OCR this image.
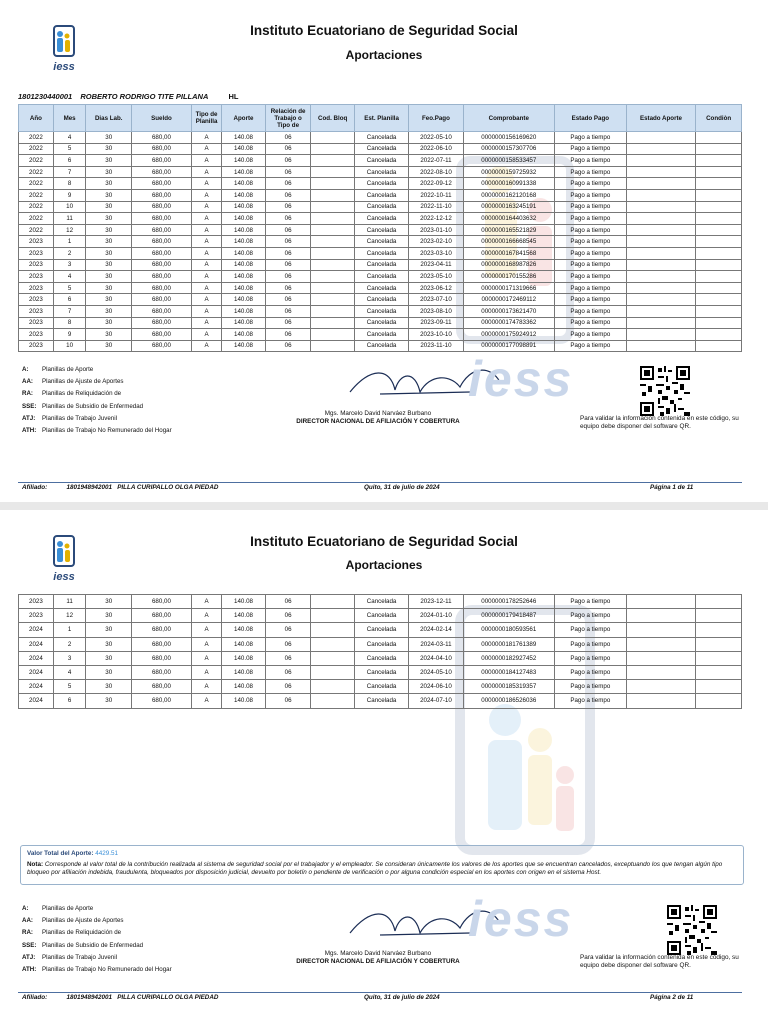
iess
Instituto Ecuatoriano de Seguridad Social
Aportaciones
1801230440001 ROBERTO RODRIGO TITE PILLANA	HL
Año	Mes	Dias Lab.	Sueldo	Tipo de Planilla	Aporte	Relación de Trabajo o Tipo de	Cod. Bloq	Est. Planilla	Feo.Pago	Comprobante	Estado Pago	Estado Aporte	Condiòn
2022	4	30	680,00	A	140.08	06		Cancelada	2022-05-10	0000000156169620	Pago a tiempo		
2022	5	30	680,00	A	140.08	06		Cancelada	2022-06-10	0000000157307706	Pago a tiempo		
2022	6	30	680,00	A	140.08	06		Cancelada	2022-07-11	0000000158533457	Pago a tiempo		
2022	7	30	680,00	A	140.08	06		Cancelada	2022-08-10	0000000159725932	Pago a tiempo		
2022	8	30	680,00	A	140.08	06		Cancelada	2022-09-12	0000000160991338	Pago a tiempo		
2022	9	30	680,00	A	140.08	06		Cancelada	2022-10-11	0000000162120168	Pago a tiempo		
2022	10	30	680,00	A	140.08	06		Cancelada	2022-11-10	0000000163245191	Pago a tiempo		
2022	11	30	680,00	A	140.08	06		Cancelada	2022-12-12	0000000164403632	Pago a tiempo		
2022	12	30	680,00	A	140.08	06		Cancelada	2023-01-10	0000000165521829	Pago a tiempo		
2023	1	30	680,00	A	140.08	06		Cancelada	2023-02-10	0000000166668545	Pago a tiempo		
2023	2	30	680,00	A	140.08	06		Cancelada	2023-03-10	0000000167841568	Pago a tiempo		
2023	3	30	680,00	A	140.08	06		Cancelada	2023-04-11	0000000168987826	Pago a tiempo		
2023	4	30	680,00	A	140.08	06		Cancelada	2023-05-10	0000000170155286	Pago a tiempo		
2023	5	30	680,00	A	140.08	06		Cancelada	2023-06-12	0000000171319666	Pago a tiempo		
2023	6	30	680,00	A	140.08	06		Cancelada	2023-07-10	0000000172469112	Pago a tiempo		
2023	7	30	680,00	A	140.08	06		Cancelada	2023-08-10	0000000173621470	Pago a tiempo		
2023	8	30	680,00	A	140.08	06		Cancelada	2023-09-11	0000000174783362	Pago a tiempo		
2023	9	30	680,00	A	140.08	06		Cancelada	2023-10-10	0000000175924912	Pago a tiempo		
2023	10	30	680,00	A	140.08	06		Cancelada	2023-11-10	0000000177098891	Pago a tiempo		
A: Planillas de Aporte
AA: Planillas de Ajuste de Aportes
RA: Planillas de Reliquidación de
SSE: Planillas de Subsidio de Enfermedad
ATJ: Planillas de Trabajo Juvenil
ATH: Planillas de Trabajo No Remunerado del Hogar
Mgs. Marcelo David Narváez Burbano
DIRECTOR NACIONAL DE AFILIACIÓN Y COBERTURA
iess
Para validar la información contenida en este código, su equipo debe disponer del software QR.
Afiliado:	1801948942001 PILLA CURIPALLO OLGA PIEDAD	Quito, 31 de julio de 2024	Página 1 de 11
iess
Instituto Ecuatoriano de Seguridad Social
Aportaciones
2023	11	30	680,00	A	140.08	06		Cancelada	2023-12-11	0000000178252646	Pago a tiempo		
2023	12	30	680,00	A	140.08	06		Cancelada	2024-01-10	0000000179418487	Pago a tiempo		
2024	1	30	680,00	A	140.08	06		Cancelada	2024-02-14	0000000180593561	Pago a tiempo		
2024	2	30	680,00	A	140.08	06		Cancelada	2024-03-11	0000000181761389	Pago a tiempo		
2024	3	30	680,00	A	140.08	06		Cancelada	2024-04-10	0000000182927452	Pago a tiempo		
2024	4	30	680,00	A	140.08	06		Cancelada	2024-05-10	0000000184127483	Pago a tiempo		
2024	5	30	680,00	A	140.08	06		Cancelada	2024-06-10	0000000185319357	Pago a tiempo		
2024	6	30	680,00	A	140.08	06		Cancelada	2024-07-10	0000000186526036	Pago a tiempo		
Valor Total del Aporte: 4429.51
Nota: Corresponde al valor total de la contribución realizada al sistema de seguridad social por el trabajador y el empleador. Se consideran únicamente los valores de los aportes que se encuentran cancelados, exceptuando los que tengan algún tipo bloqueo por afiliación indebida, fraudulenta, bloqueados por disposición judicial, devuelto por boletín o pendiente de verificación o por alguna condición especial en los aportes con origen en el sistema Host.
A: Planillas de Aporte
AA: Planillas de Ajuste de Aportes
RA: Planillas de Reliquidación de
SSE: Planillas de Subsidio de Enfermedad
ATJ: Planillas de Trabajo Juvenil
ATH: Planillas de Trabajo No Remunerado del Hogar
Mgs. Marcelo David Narváez Burbano
DIRECTOR NACIONAL DE AFILIACIÓN Y COBERTURA
iess
Para validar la información contenida en este código, su equipo debe disponer del software QR.
Afiliado:	1801948942001 PILLA CURIPALLO OLGA PIEDAD	Quito, 31 de julio de 2024	Página 2 de 11
